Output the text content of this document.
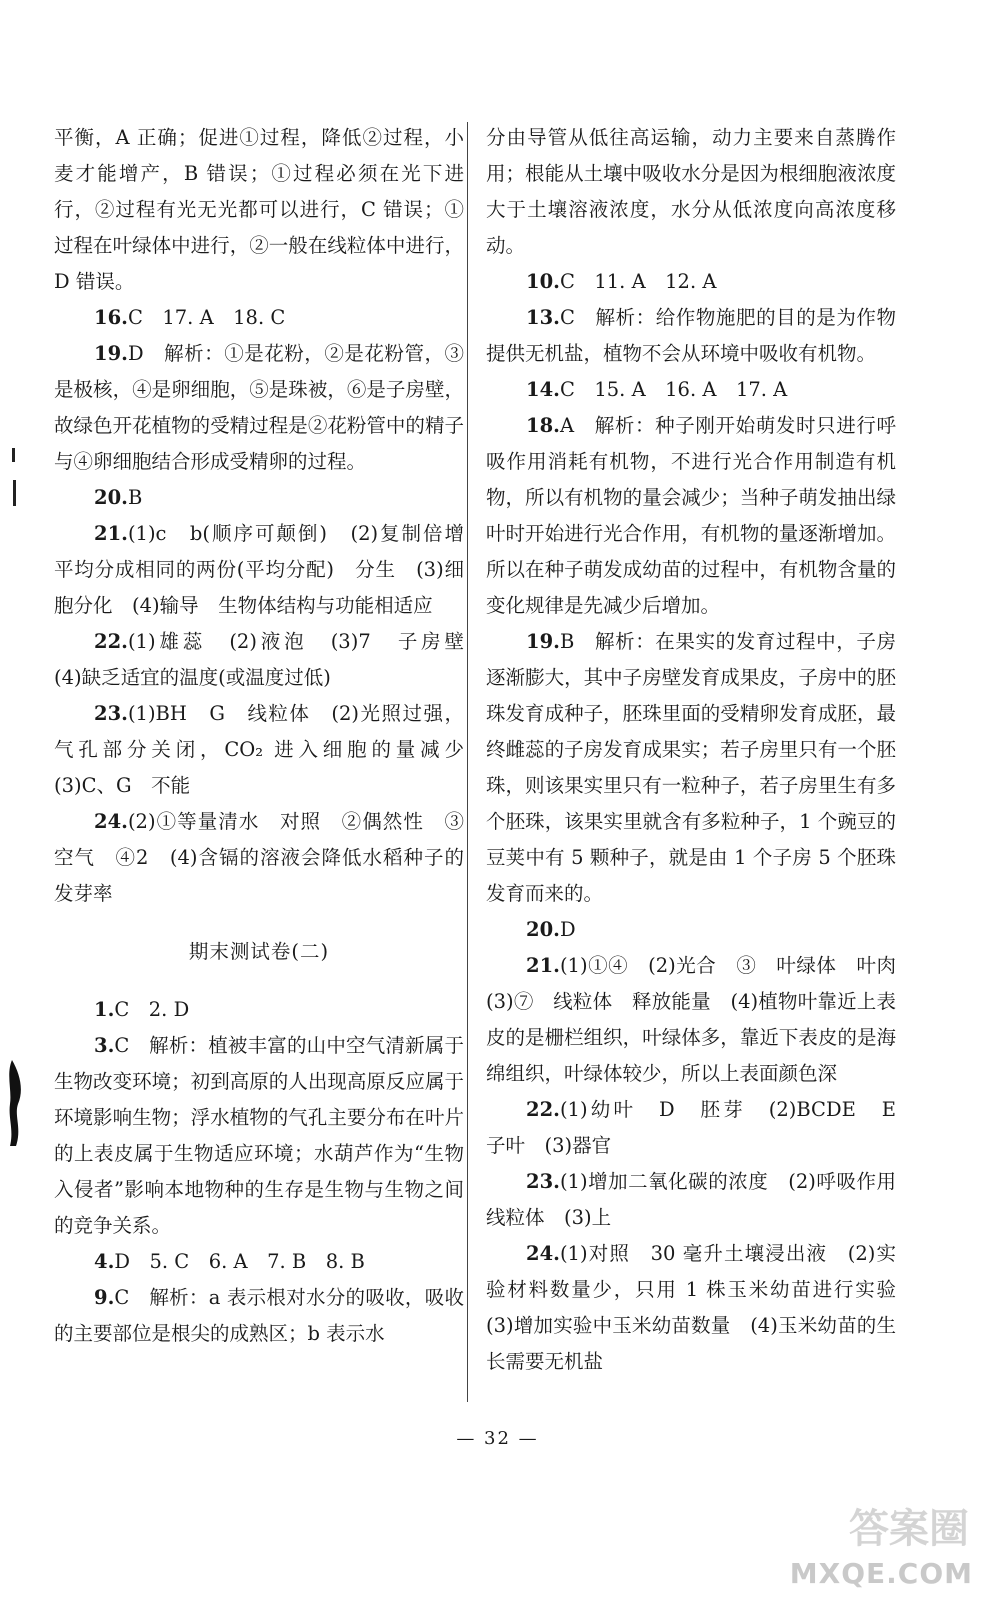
平衡，A 正确；促进①过程，降低②过程，小麦才能增产，B 错误；①过程必须在光下进行，②过程有光无光都可以进行，C 错误；①过程在叶绿体中进行，②一般在线粒体中进行，D 错误。

16.C　17. A　18. C

19.D　解析：①是花粉，②是花粉管，③是极核，④是卵细胞，⑤是珠被，⑥是子房壁，故绿色开花植物的受精过程是②花粉管中的精子与④卵细胞结合形成受精卵的过程。

20.B

21.(1)c　b(顺序可颠倒)　(2)复制倍增　平均分成相同的两份(平均分配)　分生　(3)细胞分化　(4)输导　生物体结构与功能相适应

22.(1)雄蕊　(2)液泡　(3)7　子房壁　(4)缺乏适宜的温度(或温度过低)

23.(1)BH　G　线粒体　(2)光照过强，气孔部分关闭，CO₂ 进入细胞的量减少　(3)C、G　不能

24.(2)①等量清水　对照　②偶然性　③空气　④2　(4)含镉的溶液会降低水稻种子的发芽率

期末测试卷(二)

1.C　2. D

3.C　解析：植被丰富的山中空气清新属于生物改变环境；初到高原的人出现高原反应属于环境影响生物；浮水植物的气孔主要分布在叶片的上表皮属于生物适应环境；水葫芦作为“生物入侵者”影响本地物种的生存是生物与生物之间的竞争关系。

4.D　5. C　6. A　7. B　8. B

9.C　解析：a 表示根对水分的吸收，吸收的主要部位是根尖的成熟区；b 表示水

分由导管从低往高运输，动力主要来自蒸腾作用；根能从土壤中吸收水分是因为根细胞液浓度大于土壤溶液浓度，水分从低浓度向高浓度移动。

10.C　11. A　12. A

13.C　解析：给作物施肥的目的是为作物提供无机盐，植物不会从环境中吸收有机物。

14.C　15. A　16. A　17. A

18.A　解析：种子刚开始萌发时只进行呼吸作用消耗有机物，不进行光合作用制造有机物，所以有机物的量会减少；当种子萌发抽出绿叶时开始进行光合作用，有机物的量逐渐增加。所以在种子萌发成幼苗的过程中，有机物含量的变化规律是先减少后增加。

19.B　解析：在果实的发育过程中，子房逐渐膨大，其中子房壁发育成果皮，子房中的胚珠发育成种子，胚珠里面的受精卵发育成胚，最终雌蕊的子房发育成果实；若子房里只有一个胚珠，则该果实里只有一粒种子，若子房里生有多个胚珠，该果实里就含有多粒种子，1 个豌豆的豆荚中有 5 颗种子，就是由 1 个子房 5 个胚珠发育而来的。

20.D

21.(1)①④　(2)光合　③　叶绿体　叶肉　(3)⑦　线粒体　释放能量　(4)植物叶靠近上表皮的是栅栏组织，叶绿体多，靠近下表皮的是海绵组织，叶绿体较少，所以上表面颜色深

22.(1)幼叶　D　胚芽　(2)BCDE　E　子叶　(3)器官

23.(1)增加二氧化碳的浓度　(2)呼吸作用　线粒体　(3)上

24.(1)对照　30 毫升土壤浸出液　(2)实验材料数量少，只用 1 株玉米幼苗进行实验　(3)增加实验中玉米幼苗数量　(4)玉米幼苗的生长需要无机盐

— 32 —
答案圈
MXQE.COM
